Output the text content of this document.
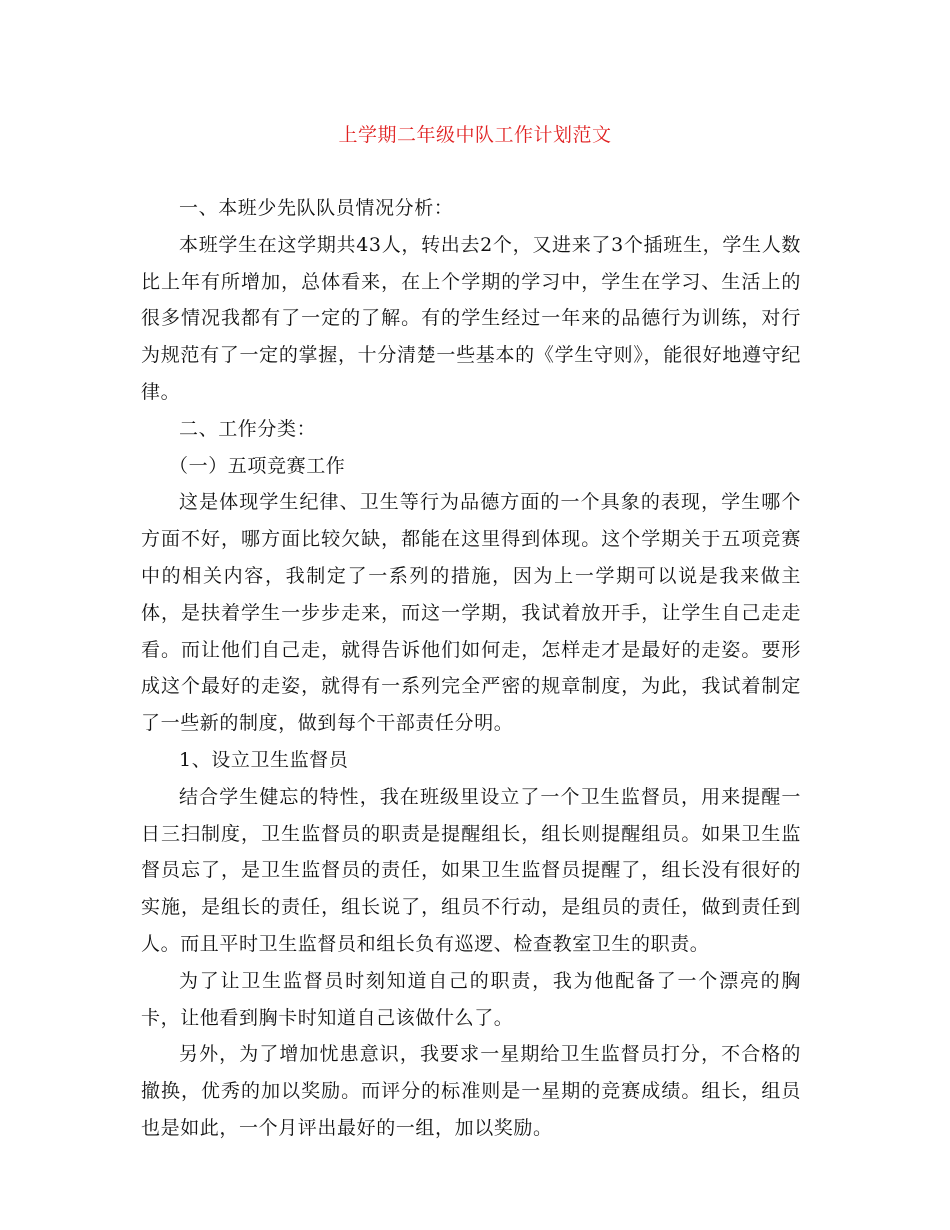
上学期二年级中队工作计划范文

一、本班少先队队员情况分析：

本班学生在这学期共43人，转出去2个，又进来了3个插班生，学生人数比上年有所增加，总体看来，在上个学期的学习中，学生在学习、生活上的很多情况我都有了一定的了解。有的学生经过一年来的品德行为训练，对行为规范有了一定的掌握，十分清楚一些基本的《学生守则》，能很好地遵守纪律。

二、工作分类：

（一）五项竞赛工作

这是体现学生纪律、卫生等行为品德方面的一个具象的表现，学生哪个方面不好，哪方面比较欠缺，都能在这里得到体现。这个学期关于五项竞赛中的相关内容，我制定了一系列的措施，因为上一学期可以说是我来做主体，是扶着学生一步步走来，而这一学期，我试着放开手，让学生自己走走看。而让他们自己走，就得告诉他们如何走，怎样走才是最好的走姿。要形成这个最好的走姿，就得有一系列完全严密的规章制度，为此，我试着制定了一些新的制度，做到每个干部责任分明。

1、设立卫生监督员

结合学生健忘的特性，我在班级里设立了一个卫生监督员，用来提醒一日三扫制度，卫生监督员的职责是提醒组长，组长则提醒组员。如果卫生监督员忘了，是卫生监督员的责任，如果卫生监督员提醒了，组长没有很好的实施，是组长的责任，组长说了，组员不行动，是组员的责任，做到责任到人。而且平时卫生监督员和组长负有巡逻、检查教室卫生的职责。

为了让卫生监督员时刻知道自己的职责，我为他配备了一个漂亮的胸卡，让他看到胸卡时知道自己该做什么了。

另外，为了增加忧患意识，我要求一星期给卫生监督员打分，不合格的撤换，优秀的加以奖励。而评分的标准则是一星期的竞赛成绩。组长，组员也是如此，一个月评出最好的一组，加以奖励。
